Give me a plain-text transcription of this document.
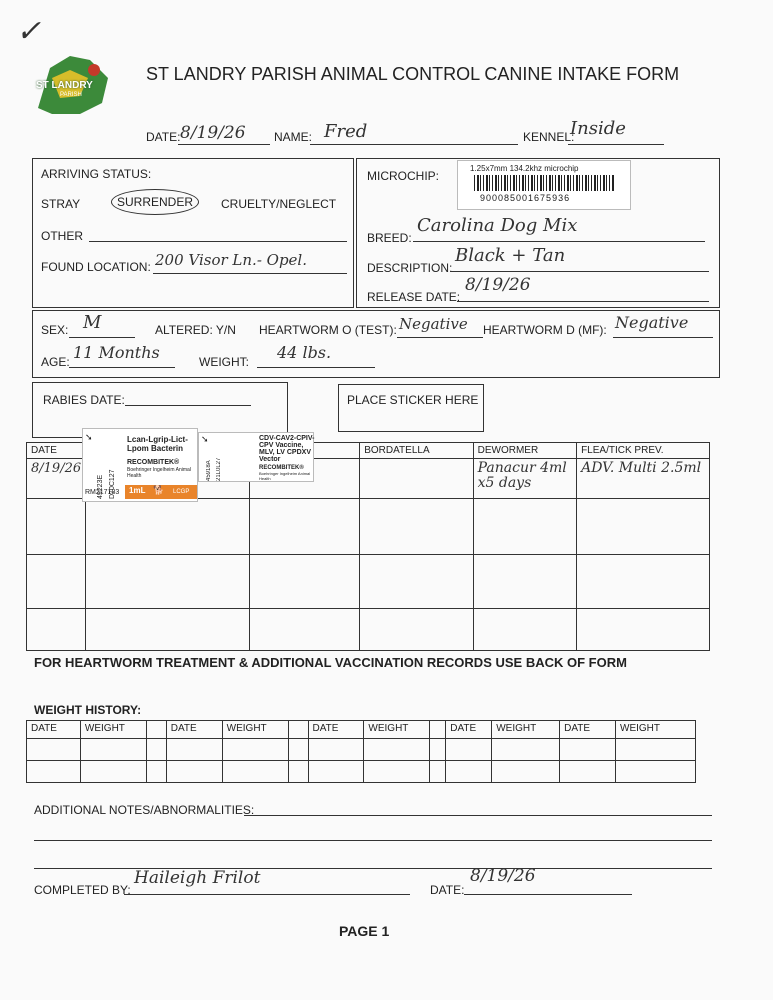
✓
ST LANDRY
PARISH
ST LANDRY PARISH ANIMAL CONTROL CANINE INTAKE FORM
DATE: 8/19/26 NAME: Fred	KENNEL:
Inside
ARRIVING STATUS:
STRAY	SURRENDER CRUELTY/NEGLECT
OTHER
FOUND LOCATION: 200 Visor Ln.- Opel.
MICROCHIP:
1.25x7mm 134.2khz microchip
900085001675936
BREED:
Carolina Dog Mix
DESCRIPTION:
Black + Tan
RELEASE DATE:
8/19/26
SEX: M	ALTERED: Y/N HEARTWORM O (TEST): Negative HEARTWORM D (MF): Negative
AGE: 11 Months	WEIGHT: 44 lbs.
RABIES DATE:	PLACE STICKER HERE
DATE			BORDATELLA	DEWORMER	FLEA/TICK PREV.
8/19/26				Panacur 4ml x5 days	ADV. Multi 2.5ml

➘
49223E D70C127
Lcan-Lgrip-Lict-Lpom Bacterin
RECOMBITEK®
Boehringer Ingelheim Animal Health
RM217183 1mL 🐕 LCGP
➘
45918A 21L0L27
CDV-CAV2-CPIV-CPV Vaccine, MLV, LV CPDXV Vector
RECOMBITEK®
Boehringer Ingelheim Animal Health
FOR HEARTWORM TREATMENT & ADDITIONAL VACCINATION RECORDS USE BACK OF FORM
WEIGHT HISTORY:
DATE	WEIGHT		DATE	WEIGHT		DATE	WEIGHT		DATE	WEIGHT	DATE	WEIGHT

ADDITIONAL NOTES/ABNORMALITIES:
COMPLETED BY:
Haileigh Frilot
DATE:
8/19/26
PAGE 1
